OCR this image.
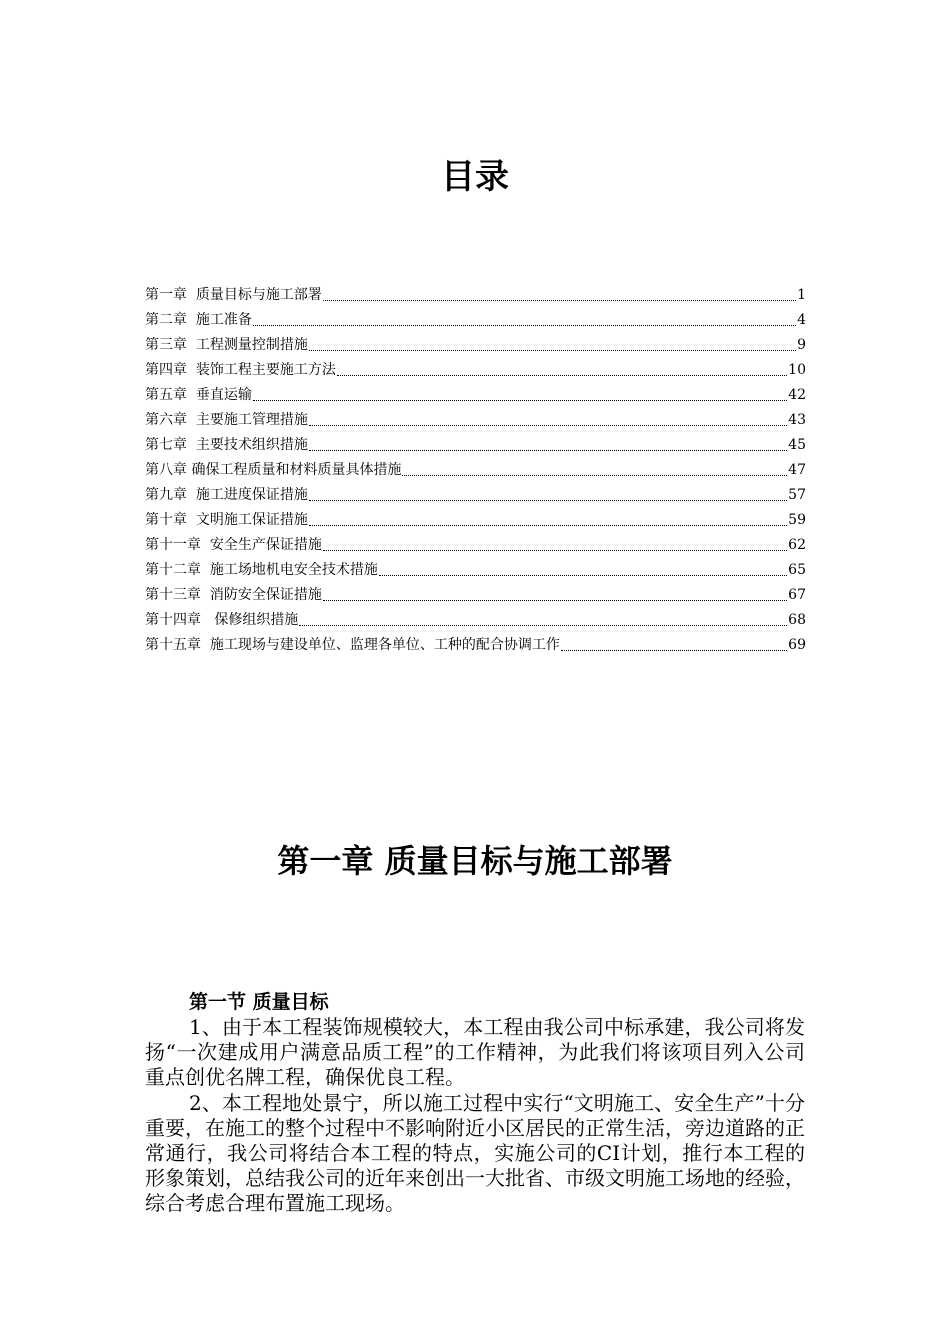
目录
第一章  质量目标与施工部署	1
第二章  施工准备	4
第三章  工程测量控制措施	9
第四章  装饰工程主要施工方法	10
第五章  垂直运输	42
第六章  主要施工管理措施	43
第七章  主要技术组织措施	45
第八章 确保工程质量和材料质量具体措施	47
第九章  施工进度保证措施	57
第十章  文明施工保证措施	59
第十一章  安全生产保证措施	62
第十二章  施工场地机电安全技术措施	65
第十三章  消防安全保证措施	67
第十四章   保修组织措施	68
第十五章  施工现场与建设单位、监理各单位、工种的配合协调工作	69
第一章 质量目标与施工部署
第一节 质量目标

1、由于本工程装饰规模较大，本工程由我公司中标承建，我公司将发扬“一次建成用户满意品质工程”的工作精神，为此我们将该项目列入公司重点创优名牌工程，确保优良工程。

2、本工程地处景宁，所以施工过程中实行“文明施工、安全生产”十分重要，在施工的整个过程中不影响附近小区居民的正常生活，旁边道路的正常通行，我公司将结合本工程的特点，实施公司的CI计划，推行本工程的形象策划，总结我公司的近年来创出一大批省、市级文明施工场地的经验，综合考虑合理布置施工现场。
